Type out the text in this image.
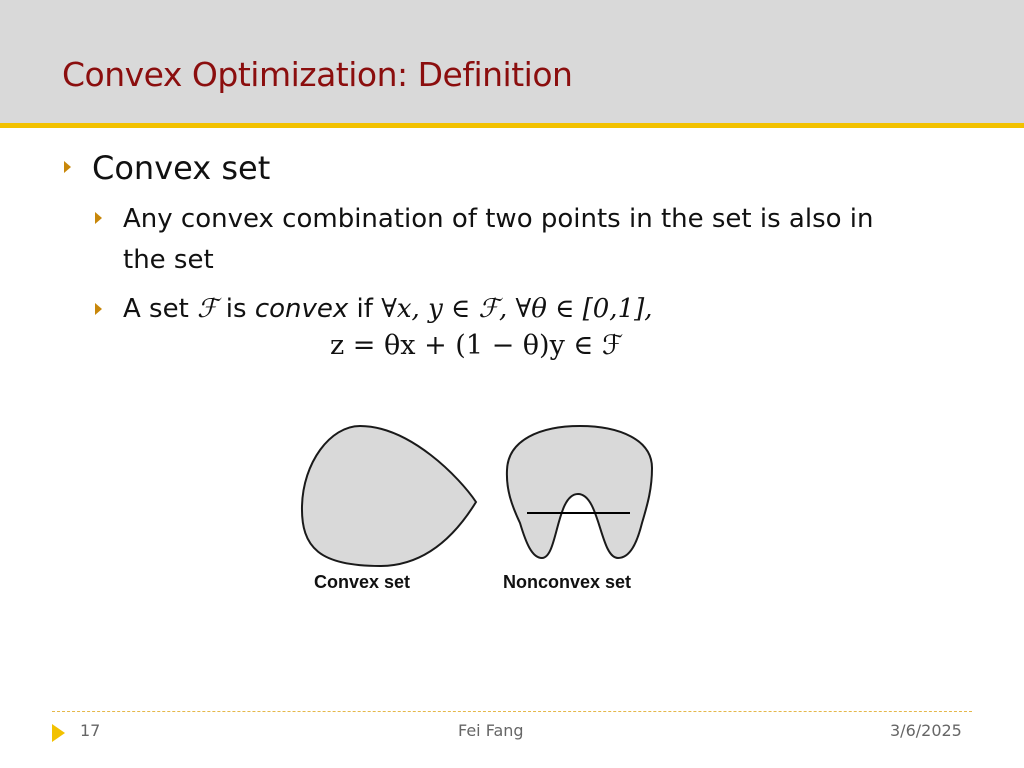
Convex Optimization: Definition
Convex set
Any convex combination of two points in the set is also in
the set
A set ℱ is convex if ∀x, y ∈ ℱ, ∀θ ∈ [0,1],
z = θx + (1 − θ)y ∈ ℱ
Convex set	Nonconvex set
17	Fei Fang	3/6/2025
